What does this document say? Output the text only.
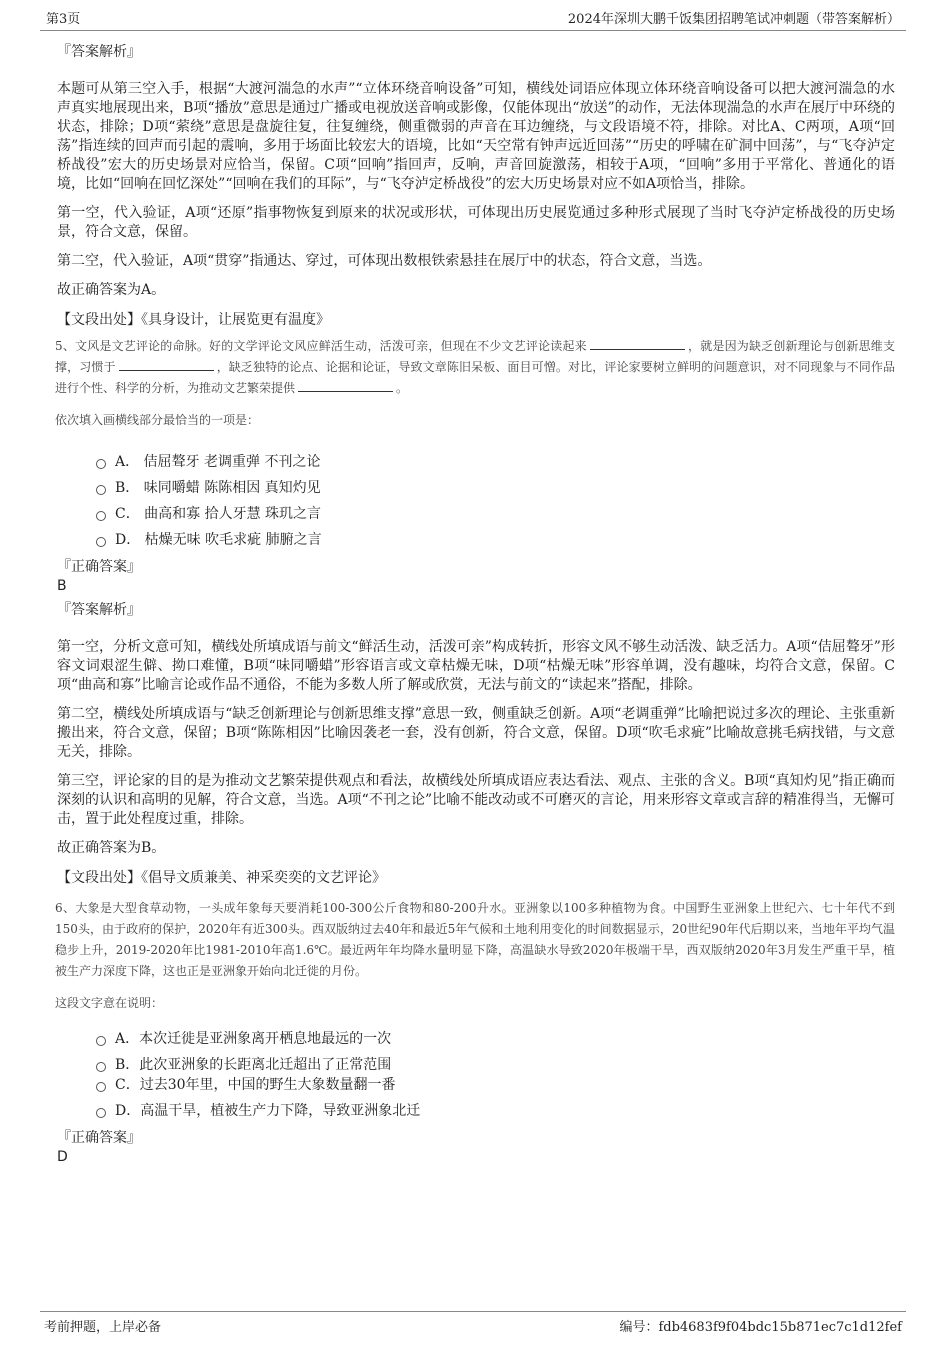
第3页	2024年深圳大鹏千饭集团招聘笔试冲刺题（带答案解析）

『答案解析』

本题可从第三空入手，根据“大渡河湍急的水声”“立体环绕音响设备”可知，横线处词语应体现立体环绕音响设备可以把大渡河湍急的水声真实地展现出来，B项“播放”意思是通过广播或电视放送音响或影像，仅能体现出“放送”的动作，无法体现湍急的水声在展厅中环绕的状态，排除；D项“萦绕”意思是盘旋往复，往复缠绕，侧重微弱的声音在耳边缠绕，与文段语境不符，排除。对比A、C两项，A项“回荡”指连续的回声而引起的震响，多用于场面比较宏大的语境，比如“天空常有钟声远近回荡”“历史的呼啸在矿洞中回荡”，与“飞夺泸定桥战役”宏大的历史场景对应恰当，保留。C项“回响”指回声，反响，声音回旋激荡，相较于A项，“回响”多用于平常化、普通化的语境，比如“回响在回忆深处”“回响在我们的耳际”，与“飞夺泸定桥战役”的宏大历史场景对应不如A项恰当，排除。

第一空，代入验证，A项“还原”指事物恢复到原来的状况或形状，可体现出历史展览通过多种形式展现了当时飞夺泸定桥战役的历史场景，符合文意，保留。

第二空，代入验证，A项“贯穿”指通达、穿过，可体现出数根铁索悬挂在展厅中的状态，符合文意，当选。

故正确答案为A。

【文段出处】《具身设计，让展览更有温度》

5、文风是文艺评论的命脉。好的文学评论文风应鲜活生动，活泼可亲，但现在不少文艺评论读起来	，就是因为缺乏创新理论与创新思维支撑，习惯于	，缺乏独特的论点、论据和论证，导致文章陈旧呆板、面目可憎。对比，评论家要树立鲜明的问题意识，对不同现象与不同作品进行个性、科学的分析，为推动文艺繁荣提供	。

依次填入画横线部分最恰当的一项是：

A． 佶屈聱牙 老调重弹 不刊之论
B． 味同嚼蜡 陈陈相因 真知灼见
C． 曲高和寡 拾人牙慧 珠玑之言
D． 枯燥无味 吹毛求疵 肺腑之言

『正确答案』

B

『答案解析』

第一空，分析文意可知，横线处所填成语与前文“鲜活生动，活泼可亲”构成转折，形容文风不够生动活泼、缺乏活力。A项“佶屈聱牙”形容文词艰涩生僻、拗口难懂，B项“味同嚼蜡”形容语言或文章枯燥无味，D项“枯燥无味”形容单调，没有趣味，均符合文意，保留。C项“曲高和寡”比喻言论或作品不通俗，不能为多数人所了解或欣赏，无法与前文的“读起来”搭配，排除。

第二空，横线处所填成语与“缺乏创新理论与创新思维支撑”意思一致，侧重缺乏创新。A项“老调重弹”比喻把说过多次的理论、主张重新搬出来，符合文意，保留；B项“陈陈相因”比喻因袭老一套，没有创新，符合文意，保留。D项“吹毛求疵”比喻故意挑毛病找错，与文意无关，排除。

第三空，评论家的目的是为推动文艺繁荣提供观点和看法，故横线处所填成语应表达看法、观点、主张的含义。B项“真知灼见”指正确而深刻的认识和高明的见解，符合文意，当选。A项“不刊之论”比喻不能改动或不可磨灭的言论，用来形容文章或言辞的精准得当，无懈可击，置于此处程度过重，排除。

故正确答案为B。

【文段出处】《倡导文质兼美、神采奕奕的文艺评论》

6、大象是大型食草动物，一头成年象每天要消耗100-300公斤食物和80-200升水。亚洲象以100多种植物为食。中国野生亚洲象上世纪六、七十年代不到150头，由于政府的保护，2020年有近300头。西双版纳过去40年和最近5年气候和土地利用变化的时间数据显示，20世纪90年代后期以来，当地年平均气温稳步上升，2019-2020年比1981-2010年高1.6℃。最近两年年均降水量明显下降，高温缺水导致2020年极端干旱，西双版纳2020年3月发生严重干旱，植被生产力深度下降，这也正是亚洲象开始向北迁徙的月份。

这段文字意在说明：

A．本次迁徙是亚洲象离开栖息地最远的一次
B．此次亚洲象的长距离北迁超出了正常范围
C．过去30年里，中国的野生大象数量翻一番
D．高温干旱，植被生产力下降，导致亚洲象北迁

『正确答案』

D

考前押题，上岸必备	编号：fdb4683f9f04bdc15b871ec7c1d12fef
